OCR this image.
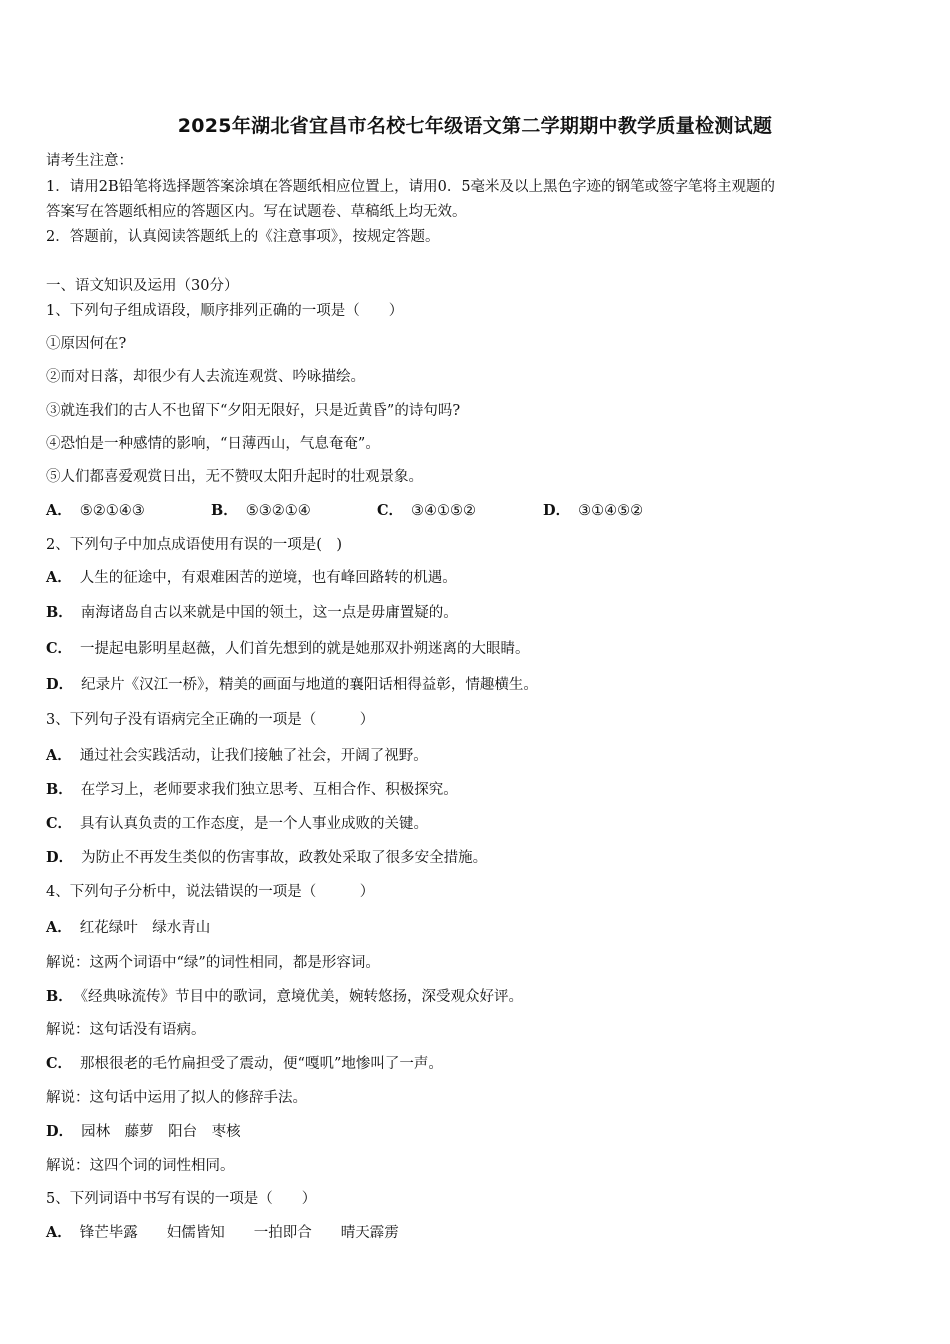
2025年湖北省宜昌市名校七年级语文第二学期期中教学质量检测试题
请考生注意：
1．请用2B铅笔将选择题答案涂填在答题纸相应位置上，请用0．5毫米及以上黑色字迹的钢笔或签字笔将主观题的
答案写在答题纸相应的答题区内。写在试题卷、草稿纸上均无效。
2．答题前，认真阅读答题纸上的《注意事项》，按规定答题。
一、语文知识及运用（30分）
1、下列句子组成语段，顺序排列正确的一项是（　　）
①原因何在?
②而对日落，却很少有人去流连观赏、吟咏描绘。
③就连我们的古人不也留下“夕阳无限好，只是近黄昏”的诗句吗?
④恐怕是一种感情的影响，“日薄西山，气息奄奄”。
⑤人们都喜爱观赏日出，无不赞叹太阳升起时的壮观景象。
A． ⑤②①④③	B． ⑤③②①④	C． ③④①⑤②	D． ③①④⑤②
2、下列句子中加点成语使用有误的一项是(　)
A． 人生的征途中，有艰难困苦的逆境，也有峰回路转的机遇。
B． 南海诸岛自古以来就是中国的领土，这一点是毋庸置疑的。
C． 一提起电影明星赵薇，人们首先想到的就是她那双扑朔迷离的大眼睛。
D． 纪录片《汉江一桥》，精美的画面与地道的襄阳话相得益彰，情趣横生。
3、下列句子没有语病完全正确的一项是（　　　）
A． 通过社会实践活动，让我们接触了社会，开阔了视野。
B． 在学习上，老师要求我们独立思考、互相合作、积极探究。
C． 具有认真负责的工作态度，是一个人事业成败的关键。
D． 为防止不再发生类似的伤害事故，政教处采取了很多安全措施。
4、下列句子分析中，说法错误的一项是（　　　）
A． 红花绿叶　绿水青山
解说：这两个词语中“绿”的词性相同，都是形容词。
B． 《经典咏流传》节目中的歌词，意境优美，婉转悠扬，深受观众好评。
解说：这句话没有语病。
C． 那根很老的毛竹扁担受了震动，便“嘎叽”地惨叫了一声。
解说：这句话中运用了拟人的修辞手法。
D． 园林　藤萝　阳台　枣核
解说：这四个词的词性相同。
5、下列词语中书写有误的一项是（　　）
A． 锋芒毕露　　妇儒皆知　　一拍即合　　晴天霹雳
